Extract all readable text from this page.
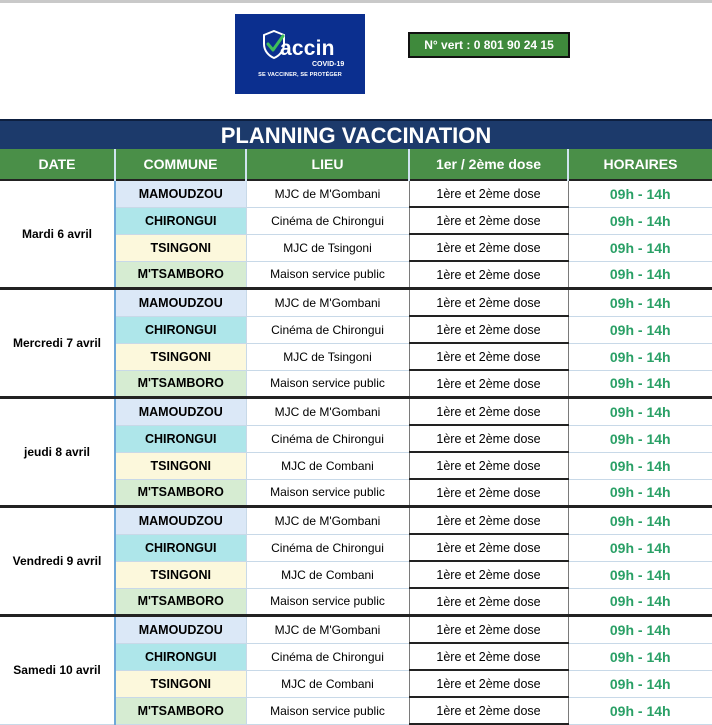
accin
COVID-19
SE VACCINER, SE PROTÉGER
N° vert : 0 801 90 24 15
PLANNING VACCINATION
DATE	COMMUNE	LIEU	1er / 2ème dose	HORAIRES
Mardi 6 avril	MAMOUDZOU	MJC de M'Gombani	1ère et 2ème dose	09h - 14h
	CHIRONGUI	Cinéma de Chirongui	1ère et 2ème dose	09h - 14h
	TSINGONI	MJC de Tsingoni	1ère et 2ème dose	09h - 14h
	M'TSAMBORO	Maison service public	1ère et 2ème dose	09h - 14h
Mercredi 7 avril	MAMOUDZOU	MJC de M'Gombani	1ère et 2ème dose	09h - 14h
	CHIRONGUI	Cinéma de Chirongui	1ère et 2ème dose	09h - 14h
	TSINGONI	MJC de Tsingoni	1ère et 2ème dose	09h - 14h
	M'TSAMBORO	Maison service public	1ère et 2ème dose	09h - 14h
jeudi 8 avril	MAMOUDZOU	MJC de M'Gombani	1ère et 2ème dose	09h - 14h
	CHIRONGUI	Cinéma de Chirongui	1ère et 2ème dose	09h - 14h
	TSINGONI	MJC de Combani	1ère et 2ème dose	09h - 14h
	M'TSAMBORO	Maison service public	1ère et 2ème dose	09h - 14h
Vendredi 9 avril	MAMOUDZOU	MJC de M'Gombani	1ère et 2ème dose	09h - 14h
	CHIRONGUI	Cinéma de Chirongui	1ère et 2ème dose	09h - 14h
	TSINGONI	MJC de Combani	1ère et 2ème dose	09h - 14h
	M'TSAMBORO	Maison service public	1ère et 2ème dose	09h - 14h
Samedi 10 avril	MAMOUDZOU	MJC de M'Gombani	1ère et 2ème dose	09h - 14h
	CHIRONGUI	Cinéma de Chirongui	1ère et 2ème dose	09h - 14h
	TSINGONI	MJC de Combani	1ère et 2ème dose	09h - 14h
	M'TSAMBORO	Maison service public	1ère et 2ème dose	09h - 14h
